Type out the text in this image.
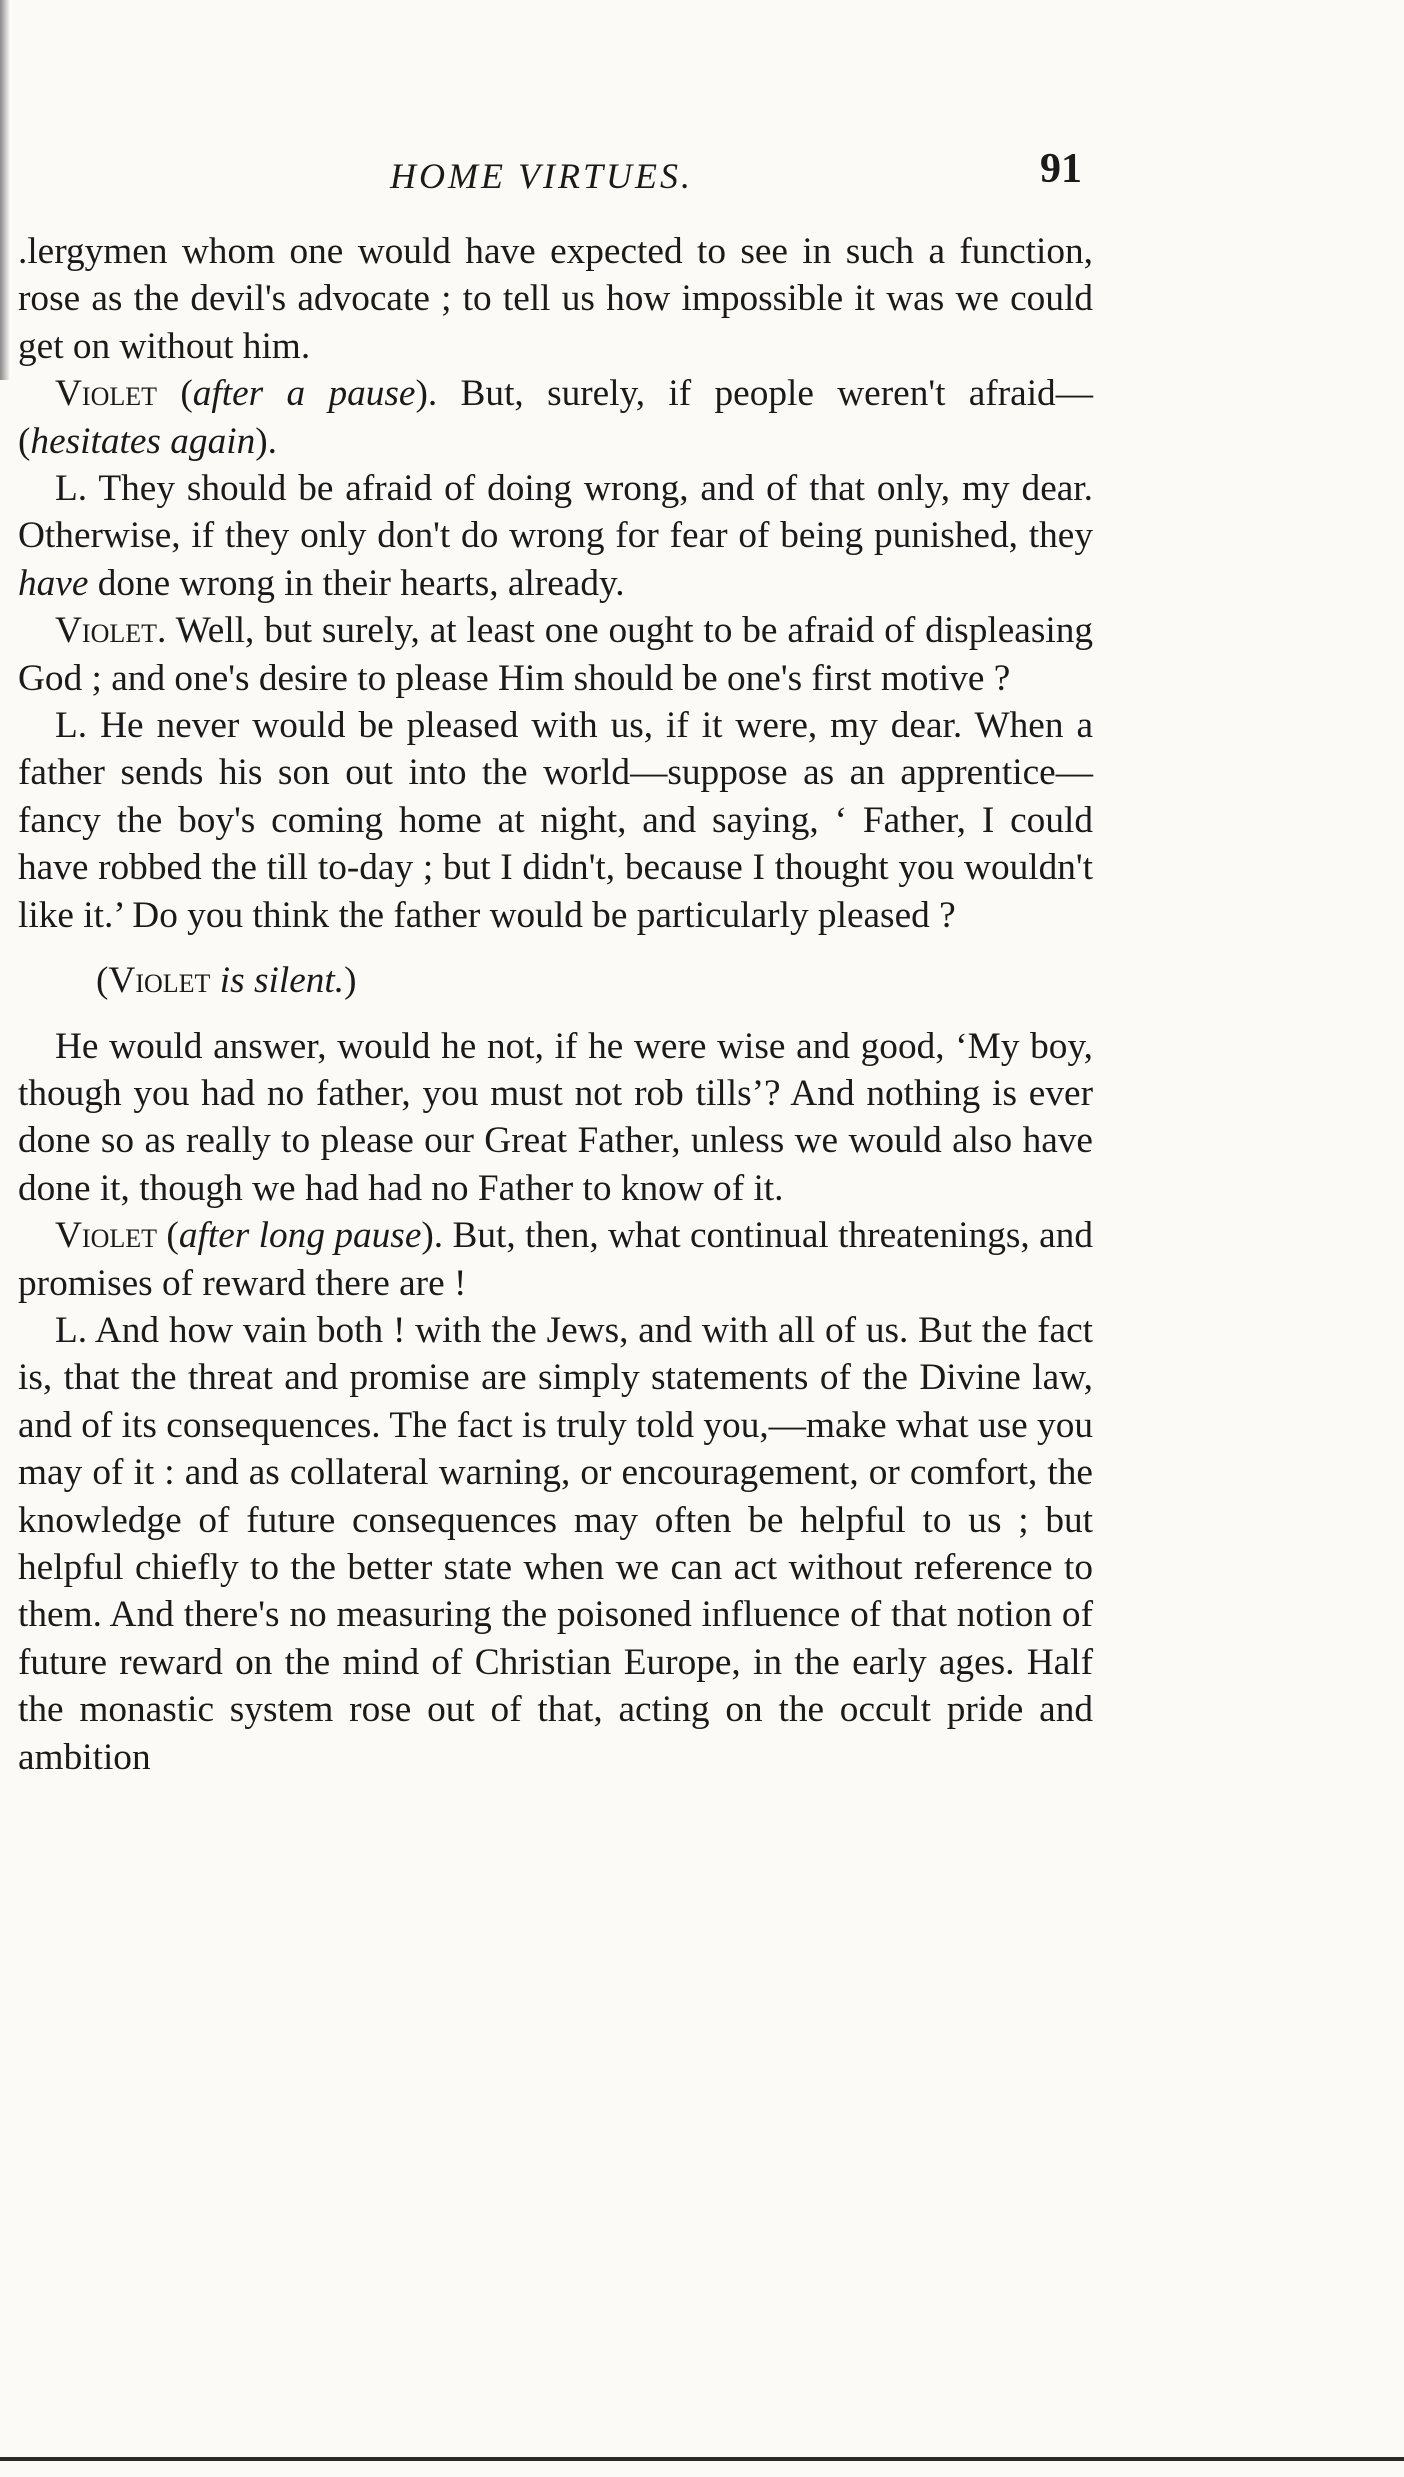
HOME VIRTUES.	91

.lergymen whom one would have expected to see in such a function, rose as the devil's advocate ; to tell us how impossible it was we could get on without him.

Violet (after a pause). But, surely, if people weren't afraid—(hesitates again).

L. They should be afraid of doing wrong, and of that only, my dear. Otherwise, if they only don't do wrong for fear of being punished, they have done wrong in their hearts, already.

Violet. Well, but surely, at least one ought to be afraid of displeasing God ; and one's desire to please Him should be one's first motive ?

L. He never would be pleased with us, if it were, my dear. When a father sends his son out into the world—suppose as an apprentice—fancy the boy's coming home at night, and saying, ‘ Father, I could have robbed the till to-day ; but I didn't, because I thought you wouldn't like it.’ Do you think the father would be particularly pleased ?

(Violet is silent.)

He would answer, would he not, if he were wise and good, ‘My boy, though you had no father, you must not rob tills’? And nothing is ever done so as really to please our Great Father, unless we would also have done it, though we had had no Father to know of it.

Violet (after long pause). But, then, what continual threatenings, and promises of reward there are !

L. And how vain both ! with the Jews, and with all of us. But the fact is, that the threat and promise are simply statements of the Divine law, and of its consequences. The fact is truly told you,—make what use you may of it : and as collateral warning, or encouragement, or comfort, the knowledge of future consequences may often be helpful to us ; but helpful chiefly to the better state when we can act without reference to them. And there's no measuring the poisoned influence of that notion of future reward on the mind of Christian Europe, in the early ages. Half the monastic system rose out of that, acting on the occult pride and ambition
